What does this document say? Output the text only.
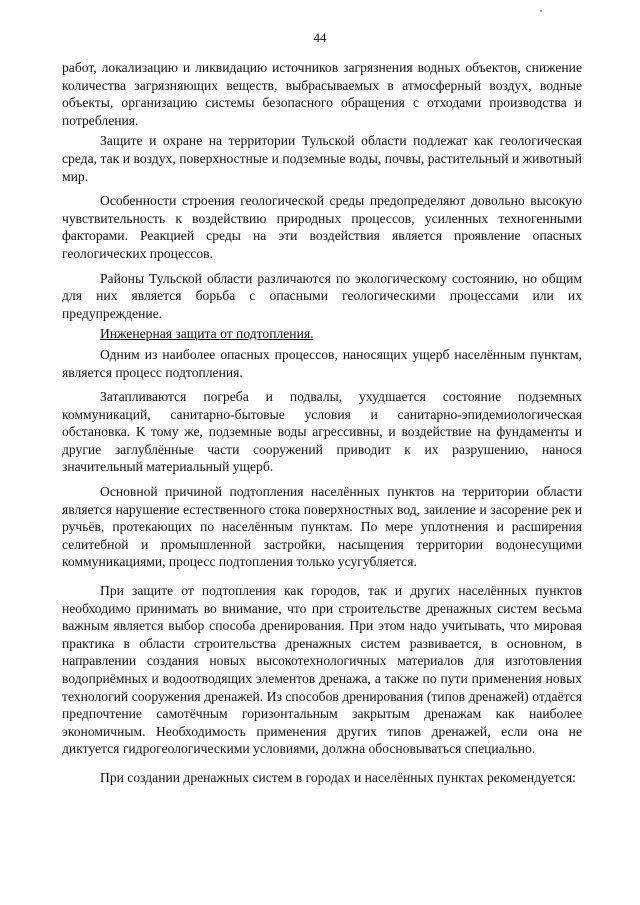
44

работ, локализацию и ликвидацию источников загрязнения водных объектов, снижение количества загрязняющих веществ, выбрасываемых в атмосферный воздух, водные объекты, организацию системы безопасного обращения с отходами производства и потребления.

Защите и охране на территории Тульской области подлежат как геологическая среда, так и воздух, поверхностные и подземные воды, почвы, растительный и животный мир.

Особенности строения геологической среды предопределяют довольно высокую чувствительность к воздействию природных процессов, усиленных техногенными факторами. Реакцией среды на эти воздействия является проявление опасных геологических процессов.

Районы Тульской области различаются по экологическому состоянию, но общим для них является борьба с опасными геологическими процессами или их предупреждение.

Инженерная защита от подтопления.

Одним из наиболее опасных процессов, наносящих ущерб населённым пунктам, является процесс подтопления.

Затапливаются погреба и подвалы, ухудшается состояние подземных коммуникаций, санитарно-бытовые условия и санитарно-эпидемиологическая обстановка. К тому же, подземные воды агрессивны, и воздействие на фундаменты и другие заглублённые части сооружений приводит к их разрушению, нанося значительный материальный ущерб.

Основной причиной подтопления населённых пунктов на территории области является нарушение естественного стока поверхностных вод, заиление и засорение рек и ручьёв, протекающих по населённым пунктам. По мере уплотнения и расширения селитебной и промышленной застройки, насыщения территории водонесущими коммуникациями, процесс подтопления только усугубляется.

При защите от подтопления как городов, так и других населённых пунктов необходимо принимать во внимание, что при строительстве дренажных систем весьма важным является выбор способа дренирования. При этом надо учитывать, что мировая практика в области строительства дренажных систем развивается, в основном, в направлении создания новых высокотехнологичных материалов для изготовления водоприёмных и водоотводящих элементов дренажа, а также по пути применения новых технологий сооружения дренажей. Из способов дренирования (типов дренажей) отдаётся предпочтение самотёчным горизонтальным закрытым дренажам как наиболее экономичным. Необходимость применения других типов дренажей, если она не диктуется гидрогеологическими условиями, должна обосновываться специально.

При создании дренажных систем в городах и населённых пунктах рекомендуется:
